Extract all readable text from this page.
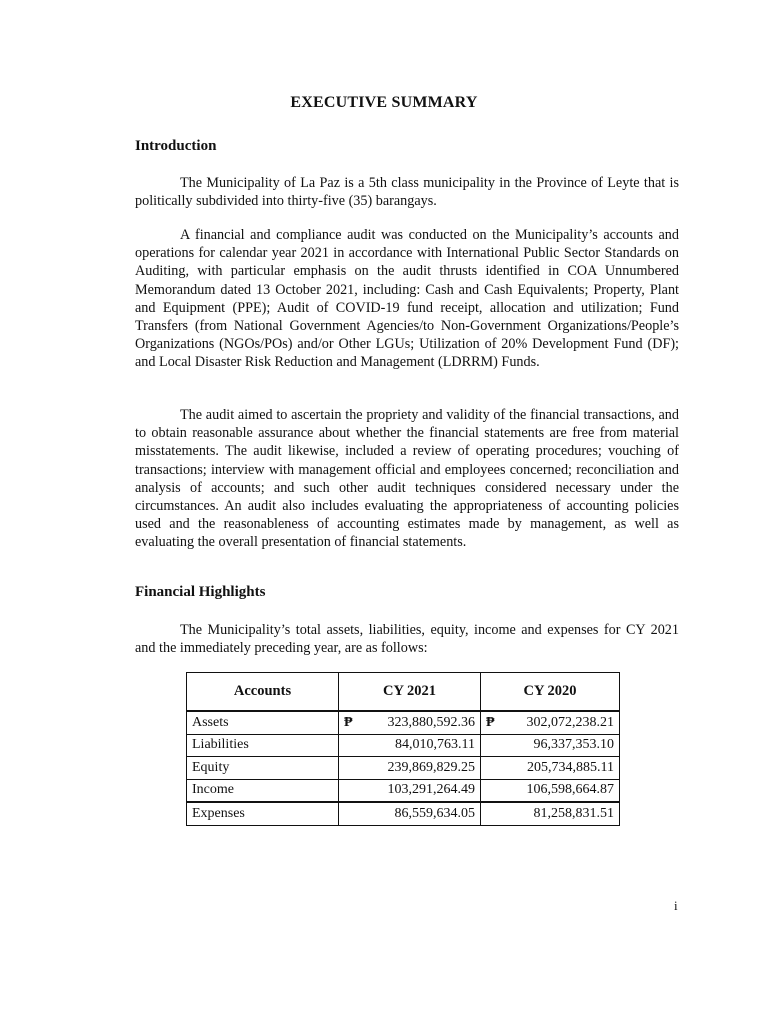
EXECUTIVE SUMMARY
Introduction

The Municipality of La Paz is a 5th class municipality in the Province of Leyte that is politically subdivided into thirty-five (35) barangays.

A financial and compliance audit was conducted on the Municipality’s accounts and operations for calendar year 2021 in accordance with International Public Sector Standards on Auditing, with particular emphasis on the audit thrusts identified in COA Unnumbered Memorandum dated 13 October 2021, including: Cash and Cash Equivalents; Property, Plant and Equipment (PPE); Audit of COVID-19 fund receipt, allocation and utilization; Fund Transfers (from National Government Agencies/to Non-Government Organizations/People’s Organizations (NGOs/POs) and/or Other LGUs; Utilization of 20% Development Fund (DF); and Local Disaster Risk Reduction and Management (LDRRM) Funds.

The audit aimed to ascertain the propriety and validity of the financial transactions, and to obtain reasonable assurance about whether the financial statements are free from material misstatements. The audit likewise, included a review of operating procedures; vouching of transactions; interview with management official and employees concerned; reconciliation and analysis of accounts; and such other audit techniques considered necessary under the circumstances. An audit also includes evaluating the appropriateness of accounting policies used and the reasonableness of accounting estimates made by management, as well as evaluating the overall presentation of financial statements.

Financial Highlights

The Municipality’s total assets, liabilities, equity, income and expenses for CY 2021 and the immediately preceding year, are as follows:

Accounts	CY 2021	CY 2020
Assets	₱ 323,880,592.36	₱ 302,072,238.21
Liabilities	84,010,763.11	96,337,353.10
Equity	239,869,829.25	205,734,885.11
Income	103,291,264.49	106,598,664.87
Expenses	86,559,634.05	81,258,831.51
i
